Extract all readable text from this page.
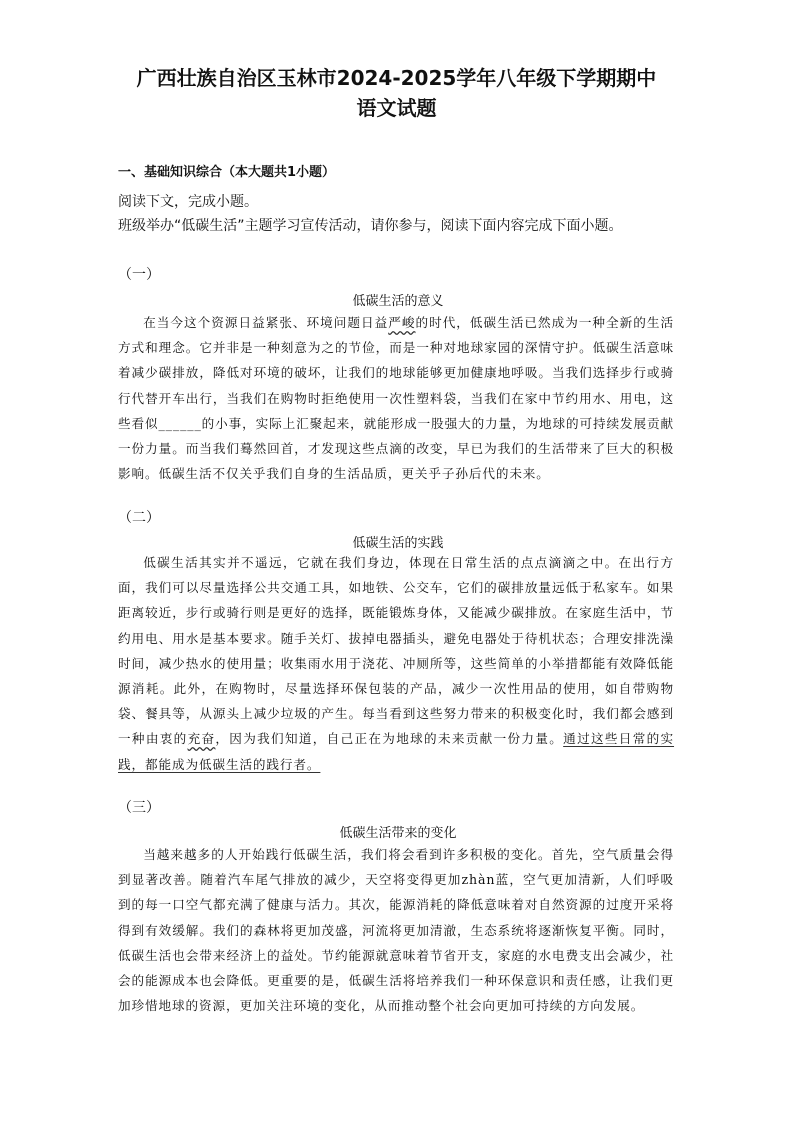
广西壮族自治区玉林市2024-2025学年八年级下学期期中
语文试题
一、基础知识综合（本大题共1小题）
阅读下文，完成小题。
班级举办“低碳生活”主题学习宣传活动，请你参与，阅读下面内容完成下面小题。
（一）
低碳生活的意义

在当今这个资源日益紧张、环境问题日益严峻的时代，低碳生活已然成为一种全新的生活方式和理念。它并非是一种刻意为之的节俭，而是一种对地球家园的深情守护。低碳生活意味着减少碳排放，降低对环境的破坏，让我们的地球能够更加健康地呼吸。当我们选择步行或骑行代替开车出行，当我们在购物时拒绝使用一次性塑料袋，当我们在家中节约用水、用电，这些看似______的小事，实际上汇聚起来，就能形成一股强大的力量，为地球的可持续发展贡献一份力量。而当我们蓦然回首，才发现这些点滴的改变，早已为我们的生活带来了巨大的积极影响。低碳生活不仅关乎我们自身的生活品质，更关乎子孙后代的未来。

（二）
低碳生活的实践

低碳生活其实并不遥远，它就在我们身边，体现在日常生活的点点滴滴之中。在出行方面，我们可以尽量选择公共交通工具，如地铁、公交车，它们的碳排放量远低于私家车。如果距离较近，步行或骑行则是更好的选择，既能锻炼身体，又能减少碳排放。在家庭生活中，节约用电、用水是基本要求。随手关灯、拔掉电器插头，避免电器处于待机状态；合理安排洗澡时间，减少热水的使用量；收集雨水用于浇花、冲厕所等，这些简单的小举措都能有效降低能源消耗。此外，在购物时，尽量选择环保包装的产品，减少一次性用品的使用，如自带购物袋、餐具等，从源头上减少垃圾的产生。每当看到这些努力带来的积极变化时，我们都会感到一种由衷的充奋，因为我们知道，自己正在为地球的未来贡献一份力量。通过这些日常的实践，都能成为低碳生活的践行者。

（三）
低碳生活带来的变化

当越来越多的人开始践行低碳生活，我们将会看到许多积极的变化。首先，空气质量会得到显著改善。随着汽车尾气排放的减少，天空将变得更加zhàn蓝，空气更加清新，人们呼吸到的每一口空气都充满了健康与活力。其次，能源消耗的降低意味着对自然资源的过度开采将得到有效缓解。我们的森林将更加茂盛，河流将更加清澈，生态系统将逐渐恢复平衡。同时，低碳生活也会带来经济上的益处。节约能源就意味着节省开支，家庭的水电费支出会减少，社会的能源成本也会降低。更重要的是，低碳生活将培养我们一种环保意识和责任感，让我们更加珍惜地球的资源，更加关注环境的变化，从而推动整个社会向更加可持续的方向发展。
